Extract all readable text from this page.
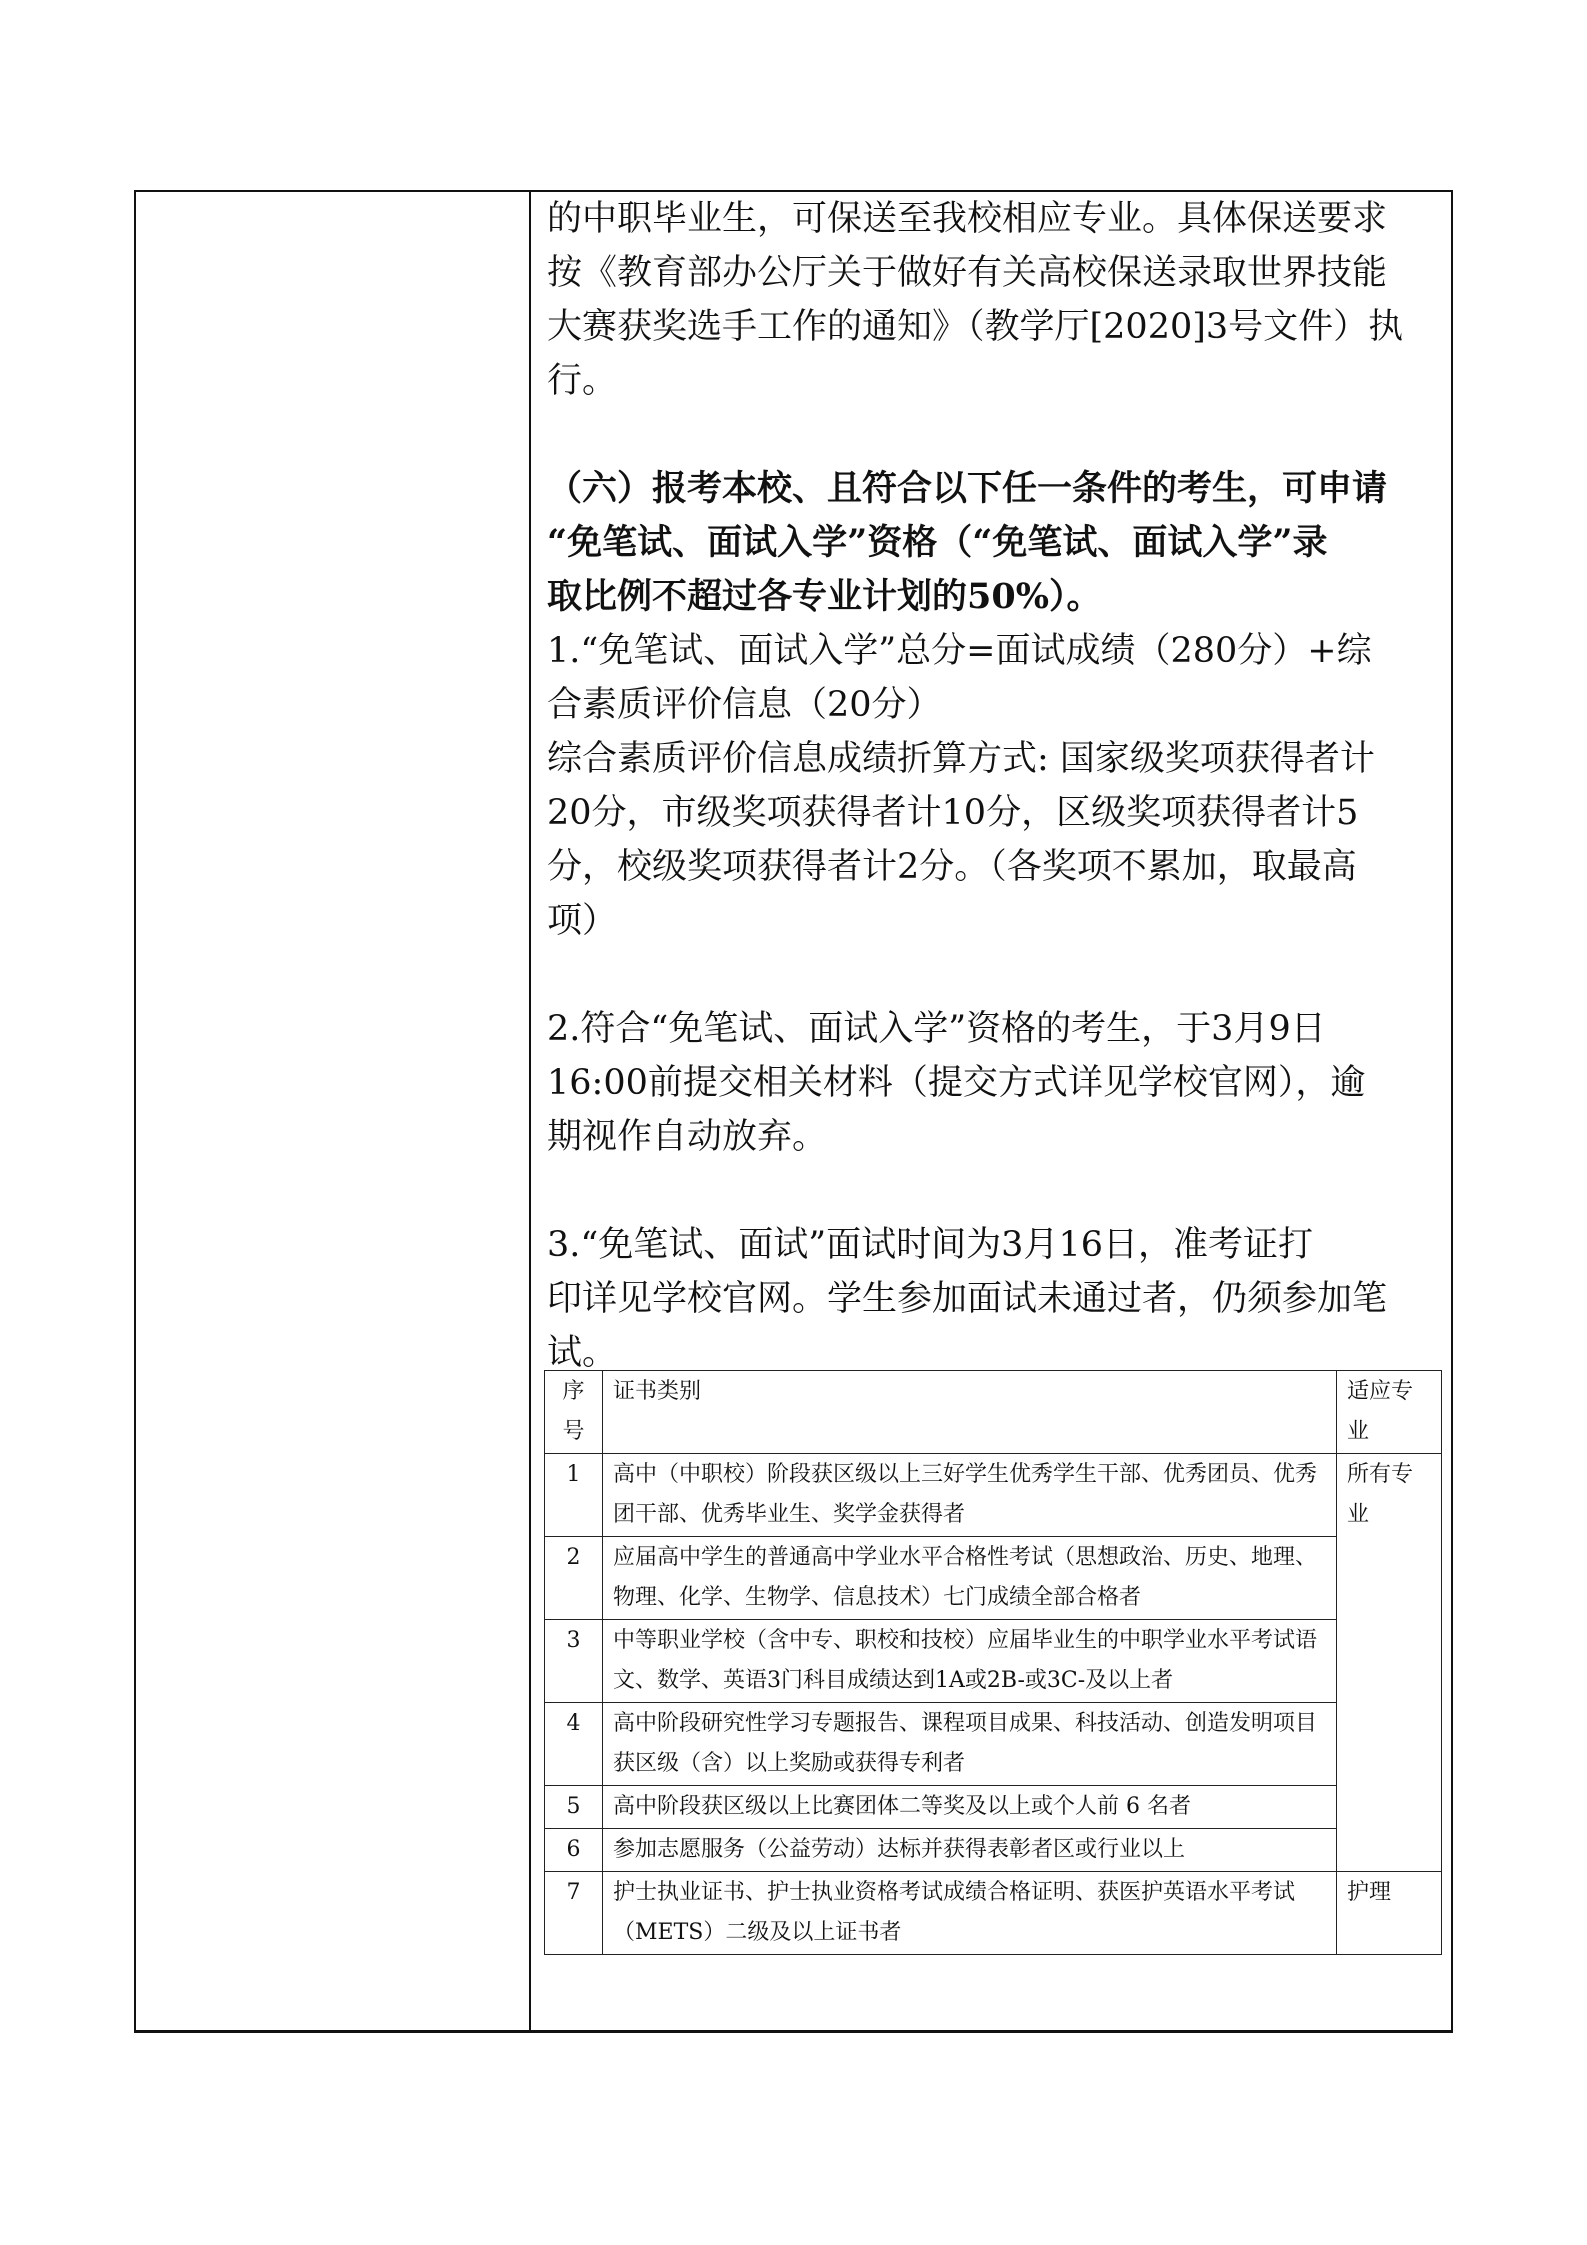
的中职毕业生，可保送至我校相应专业。具体保送要求

按《教育部办公厅关于做好有关高校保送录取世界技能

大赛获奖选手工作的通知》（教学厅[2020]3号文件）执

行。

（六）报考本校、且符合以下任一条件的考生，可申请

“免笔试、面试入学”资格（“免笔试、面试入学”录

取比例不超过各专业计划的50%）。

1.“免笔试、面试入学”总分=面试成绩（280分）+综

合素质评价信息（20分）

综合素质评价信息成绩折算方式: 国家级奖项获得者计

20分，市级奖项获得者计10分，区级奖项获得者计5

分，校级奖项获得者计2分。（各奖项不累加，取最高

项）

2.符合“免笔试、面试入学”资格的考生，于3月9日

16:00前提交相关材料（提交方式详见学校官网），逾

期视作自动放弃。

3.“免笔试、面试”面试时间为3月16日，准考证打

印详见学校官网。学生参加面试未通过者，仍须参加笔

试。

序号	证书类别	适应专业
1	高中（中职校）阶段获区级以上三好学生优秀学生干部、优秀团员、优秀团干部、优秀毕业生、奖学金获得者	所有专业
2	应届高中学生的普通高中学业水平合格性考试（思想政治、历史、地理、物理、化学、生物学、信息技术）七门成绩全部合格者	
3	中等职业学校（含中专、职校和技校）应届毕业生的中职学业水平考试语文、数学、英语3门科目成绩达到1A或2B-或3C-及以上者	
4	高中阶段研究性学习专题报告、课程项目成果、科技活动、创造发明项目获区级（含）以上奖励或获得专利者	
5	高中阶段获区级以上比赛团体二等奖及以上或个人前 6 名者	
6	参加志愿服务（公益劳动）达标并获得表彰者区或行业以上	
7	护士执业证书、护士执业资格考试成绩合格证明、获医护英语水平考试（METS）二级及以上证书者	护理
